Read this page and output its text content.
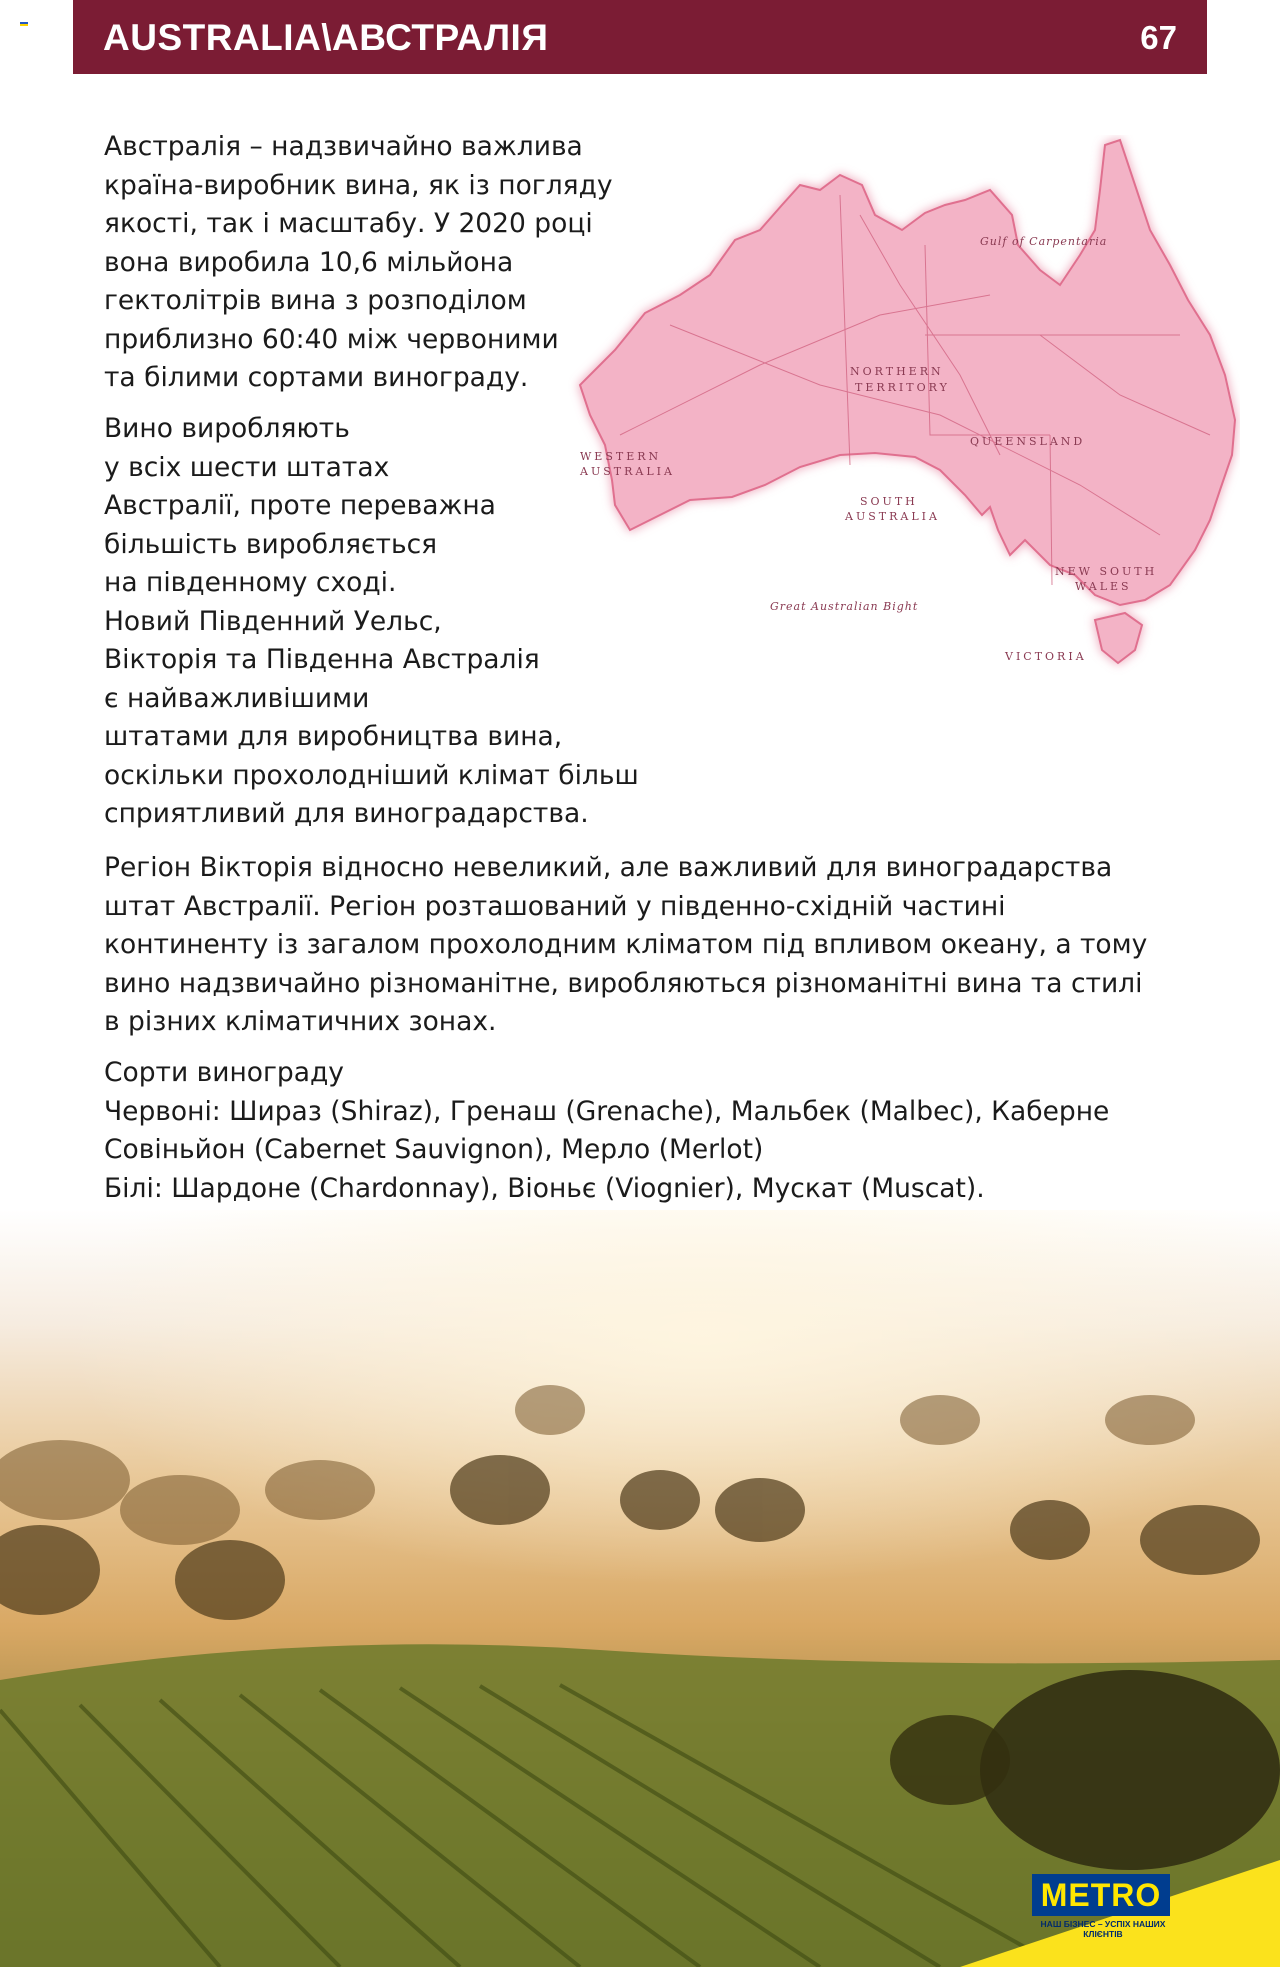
AUSTRALIA\АВСТРАЛІЯ	67
NORTHERN
TERRITORY
QUEENSLAND
WESTERN
AUSTRALIA
SOUTH
AUSTRALIA
NEW SOUTH
WALES
VICTORIA
Great Australian Bight
Gulf of Carpentaria

Австралія – надзвичайно важлива

країна-виробник вина, як із погляду

якості, так і масштабу. У 2020 році

вона виробила 10,6 мільйона

гектолітрів вина з розподілом

приблизно 60:40 між червоними

та білими сортами винограду.

Вино виробляють

у всіх шести штатах

Австралії, проте переважна

більшість виробляється

на південному сході.

Новий Південний Уельс,

Вікторія та Південна Австралія

є найважливішими

штатами для виробництва вина,

оскільки прохолодніший клімат більш

сприятливий для виноградарства.

Регіон Вікторія відносно невеликий, але важливий для виноградарства

штат Австралії. Регіон розташований у південно-східній частині

континенту із загалом прохолодним кліматом під впливом океану, а тому

вино надзвичайно різноманітне, виробляються різноманітні вина та стилі

в різних кліматичних зонах.

Сорти винограду

Червоні: Шираз (Shiraz), Гренаш (Grenache), Мальбек (Malbec), Каберне

Совіньйон (Cabernet Sauvignon), Мерло (Merlot)

Білі: Шардоне (Chardonnay), Віоньє (Viognier), Мускат (Muscat).

METRO
НАШ БІЗНЕС – УСПІХ НАШИХ КЛІЄНТІВ
